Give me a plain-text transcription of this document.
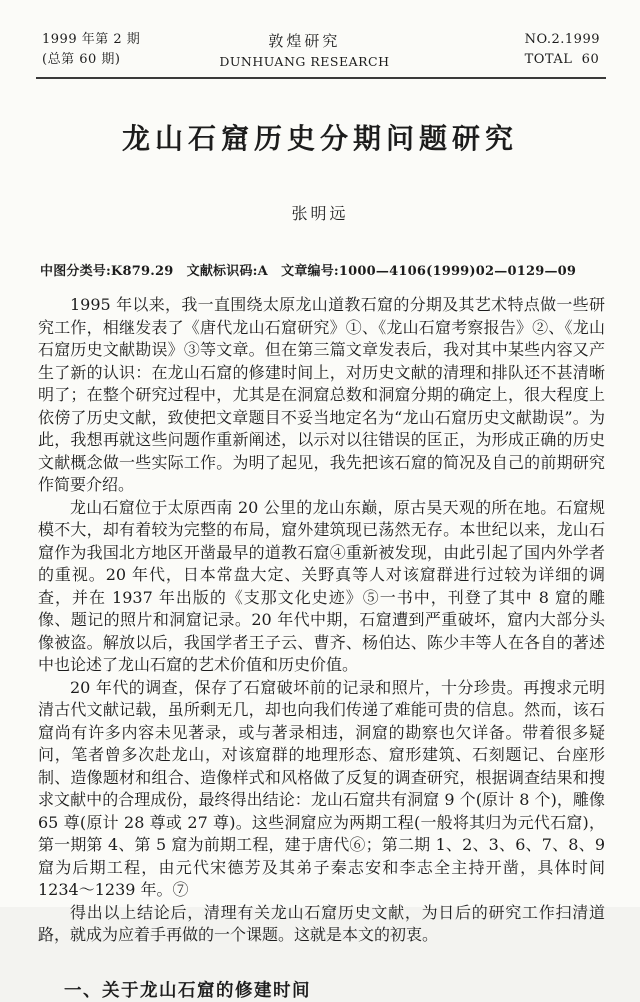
1999 年第 2 期
(总第 60 期)
敦煌研究
DUNHUANG RESEARCH
NO.2.1999
TOTAL  60
龙山石窟历史分期问题研究
张明远
中图分类号:K879.29　文献标识码:A　文章编号:1000—4106(1999)02—0129—09

1995 年以来，我一直围绕太原龙山道教石窟的分期及其艺术特点做一些研究工作，相继发表了《唐代龙山石窟研究》①、《龙山石窟考察报告》②、《龙山石窟历史文献勘误》③等文章。但在第三篇文章发表后，我对其中某些内容又产生了新的认识：在龙山石窟的修建时间上，对历史文献的清理和排队还不甚清晰明了；在整个研究过程中，尤其是在洞窟总数和洞窟分期的确定上，很大程度上依傍了历史文献，致使把文章题目不妥当地定名为“龙山石窟历史文献勘误”。为此，我想再就这些问题作重新阐述，以示对以往错误的匡正，为形成正确的历史文献概念做一些实际工作。为明了起见，我先把该石窟的简况及自己的前期研究作简要介绍。

龙山石窟位于太原西南 20 公里的龙山东巅，原古昊天观的所在地。石窟规模不大，却有着较为完整的布局，窟外建筑现已荡然无存。本世纪以来，龙山石窟作为我国北方地区开凿最早的道教石窟④重新被发现，由此引起了国内外学者的重视。20 年代，日本常盘大定、关野真等人对该窟群进行过较为详细的调查，并在 1937 年出版的《支那文化史迹》⑤一书中，刊登了其中 8 窟的雕像、题记的照片和洞窟记录。20 年代中期，石窟遭到严重破坏，窟内大部分头像被盗。解放以后，我国学者王子云、曹齐、杨伯达、陈少丰等人在各自的著述中也论述了龙山石窟的艺术价值和历史价值。

20 年代的调查，保存了石窟破坏前的记录和照片，十分珍贵。再搜求元明清古代文献记载，虽所剩无几，却也向我们传递了难能可贵的信息。然而，该石窟尚有许多内容未见著录，或与著录相违，洞窟的勘察也欠详备。带着很多疑问，笔者曾多次赴龙山，对该窟群的地理形态、窟形建筑、石刻题记、台座形制、造像题材和组合、造像样式和风格做了反复的调查研究，根据调查结果和搜求文献中的合理成份，最终得出结论：龙山石窟共有洞窟 9 个(原计 8 个)，雕像 65 尊(原计 28 尊或 27 尊)。这些洞窟应为两期工程(一般将其归为元代石窟)，第一期第 4、第 5 窟为前期工程，建于唐代⑥；第二期 1、2、3、6、7、8、9 窟为后期工程，由元代宋德芳及其弟子秦志安和李志全主持开凿，具体时间 1234～1239 年。⑦

得出以上结论后，清理有关龙山石窟历史文献，为日后的研究工作扫清道路，就成为应着手再做的一个课题。这就是本文的初衷。

一、关于龙山石窟的修建时间
